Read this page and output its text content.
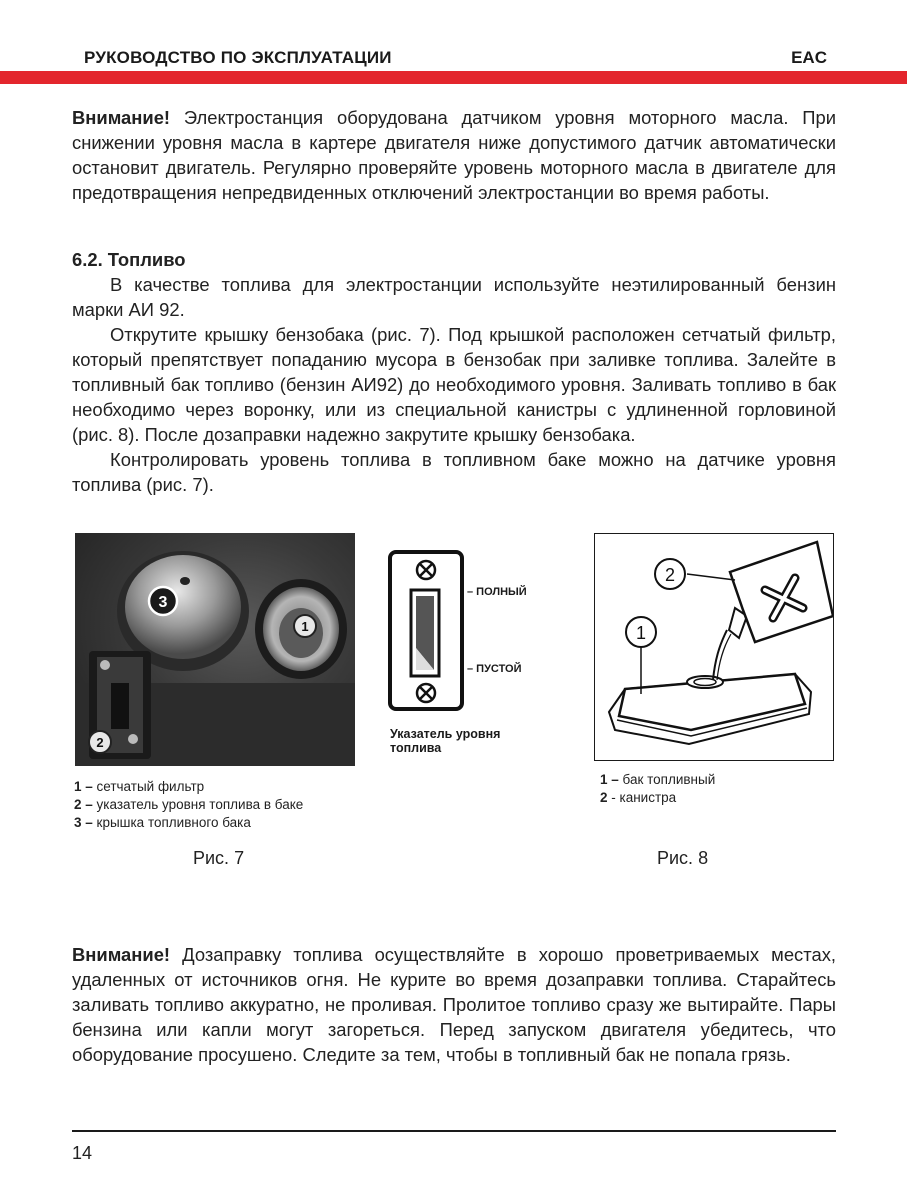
РУКОВОДСТВО ПО ЭКСПЛУАТАЦИИ	EAC

Внимание! Электростанция оборудована датчиком уровня моторного масла. При снижении уровня масла в картере двигателя ниже допустимого датчик автоматически остановит двигатель. Регулярно проверяйте уровень моторного масла в двигателе для предотвращения непредвиденных отключений электростанции во время работы.

6.2. Топливо

В качестве топлива для электростанции используйте неэтилированный бензин марки АИ 92.

Открутите крышку бензобака (рис. 7). Под крышкой расположен сетчатый фильтр, который препятствует попаданию мусора в бензобак при заливке топлива. Залейте в топливный бак топливо (бензин АИ92) до необходимого уровня. Заливать топливо в бак необходимо через воронку, или из специальной канистры с удлиненной горловиной (рис. 8). После дозаправки надежно закрутите крышку бензобака.

Контролировать уровень топлива в топливном баке можно на датчике уровня топлива (рис. 7).

3
1
2
– ПОЛНЫЙ
– ПУСТОЙ
Указатель уровня топлива
1 – сетчатый фильтр
2 – указатель уровня топлива в баке
3 – крышка топливного бака
Рис. 7
2
1
1 – бак топливный
2 - канистра
Рис. 8

Внимание! Дозаправку топлива осуществляйте в хорошо проветриваемых местах, удаленных от источников огня. Не курите во время дозаправки топлива. Старайтесь заливать топливо аккуратно, не проливая. Пролитое топливо сразу же вытирайте. Пары бензина или капли могут загореться. Перед запуском двигателя убедитесь, что оборудование просушено. Следите за тем, чтобы в топливный бак не попала грязь.

14
